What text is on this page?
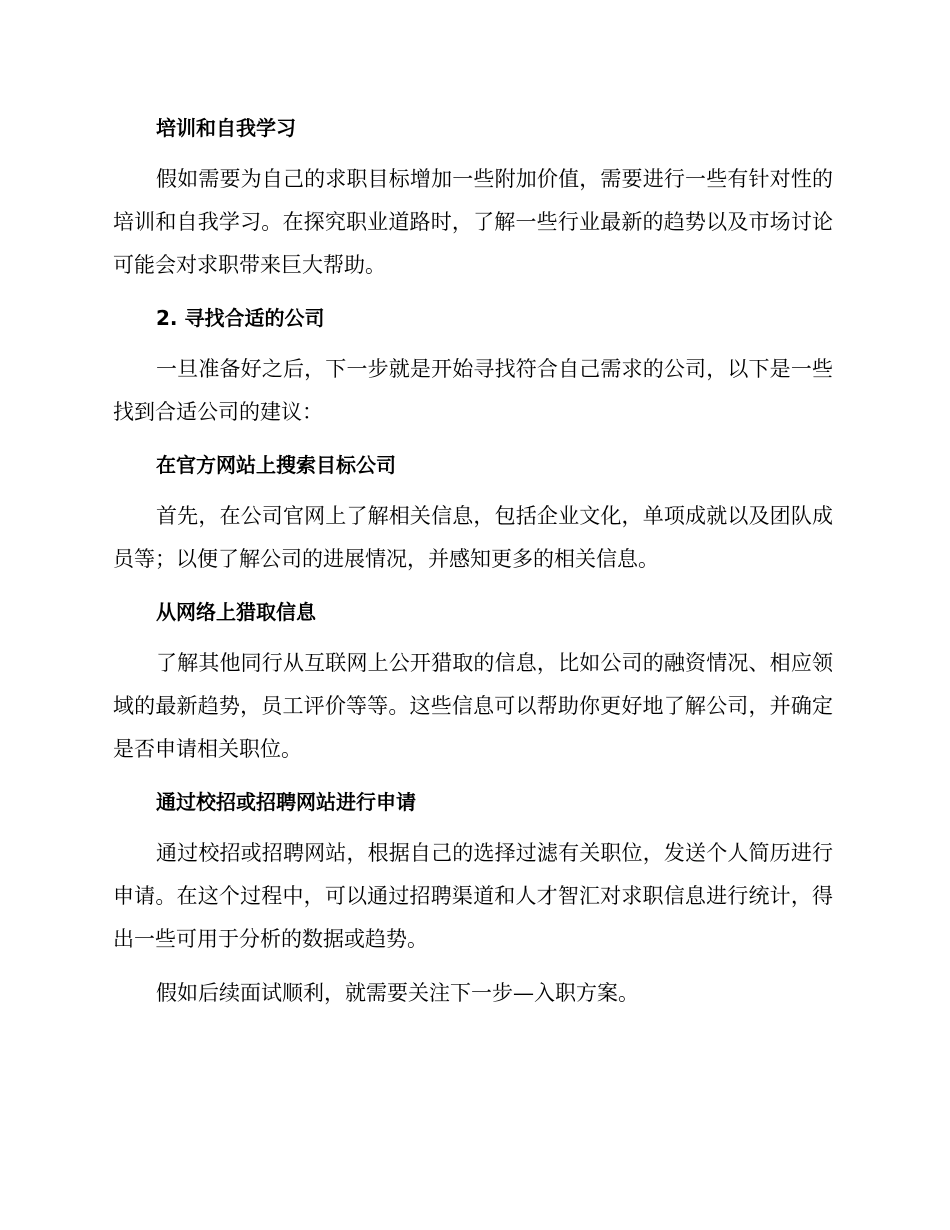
培训和自我学习
假如需要为自己的求职目标增加一些附加价值，需要进行一些有针对性的培训和自我学习。在探究职业道路时，了解一些行业最新的趋势以及市场讨论可能会对求职带来巨大帮助。
2. 寻找合适的公司
一旦准备好之后，下一步就是开始寻找符合自己需求的公司，以下是一些找到合适公司的建议：
在官方网站上搜索目标公司
首先，在公司官网上了解相关信息，包括企业文化，单项成就以及团队成员等；以便了解公司的进展情况，并感知更多的相关信息。
从网络上猎取信息
了解其他同行从互联网上公开猎取的信息，比如公司的融资情况、相应领域的最新趋势，员工评价等等。这些信息可以帮助你更好地了解公司，并确定是否申请相关职位。
通过校招或招聘网站进行申请
通过校招或招聘网站，根据自己的选择过滤有关职位，发送个人简历进行申请。在这个过程中，可以通过招聘渠道和人才智汇对求职信息进行统计，得出一些可用于分析的数据或趋势。
假如后续面试顺利，就需要关注下一步—入职方案。
